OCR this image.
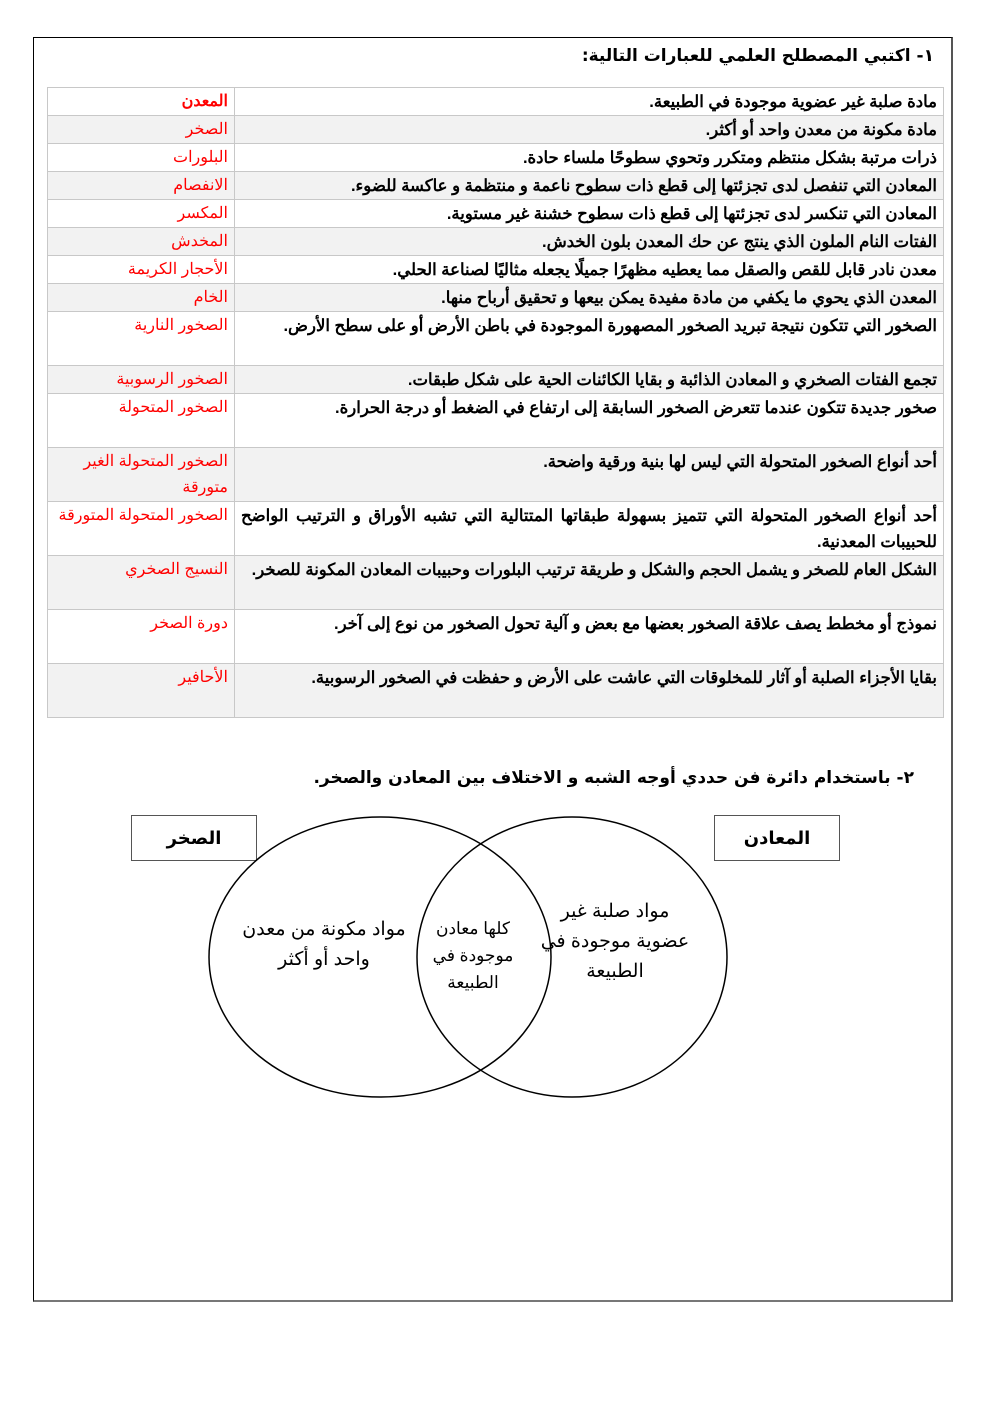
١- اكتبي المصطلح العلمي للعبارات التالية:
مادة صلبة غير عضوية موجودة في الطبيعة.	المعدن
مادة مكونة من معدن واحد أو أكثر.	الصخر
ذرات مرتبة بشكل منتظم ومتكرر وتحوي سطوحًا ملساء حادة.	البلورات
المعادن التي تنفصل لدى تجزئتها إلى قطع ذات سطوح ناعمة و منتظمة و عاكسة للضوء.	الانفصام
المعادن التي تنكسر لدى تجزئتها إلى قطع ذات سطوح خشنة غير مستوية.	المكسر
الفتات النام الملون الذي ينتج عن حك المعدن بلون الخدش.	المخدش
معدن نادر قابل للقص والصقل مما يعطيه مظهرًا جميلًا يجعله مثاليًا لصناعة الحلي.	الأحجار الكريمة
المعدن الذي يحوي ما يكفي من مادة مفيدة يمكن بيعها و تحقيق أرباح منها.	الخام
الصخور التي تتكون نتيجة تبريد الصخور المصهورة الموجودة في باطن الأرض أو على سطح الأرض.	الصخور النارية
تجمع الفتات الصخري و المعادن الذائبة و بقايا الكائنات الحية على شكل طبقات.	الصخور الرسوبية
صخور جديدة تتكون عندما تتعرض الصخور السابقة إلى ارتفاع في الضغط أو درجة الحرارة.	الصخور المتحولة
أحد أنواع الصخور المتحولة التي ليس لها بنية ورقية واضحة.	الصخور المتحولة الغير متورقة
أحد أنواع الصخور المتحولة التي تتميز بسهولة طبقاتها المتتالية التي تشبه الأوراق و الترتيب الواضح للحبيبات المعدنية.	الصخور المتحولة المتورقة
الشكل العام للصخر و يشمل الحجم والشكل و طريقة ترتيب البلورات وحبيبات المعادن المكونة للصخر.	النسيج الصخري
نموذج أو مخطط يصف علاقة الصخور بعضها مع بعض و آلية تحول الصخور من نوع إلى آخر.	دورة الصخر
بقايا الأجزاء الصلبة أو آثار للمخلوقات التي عاشت على الأرض و حفظت في الصخور الرسوبية.	الأحافير
٢- باستخدام دائرة فن حددي أوجه الشبه و الاختلاف بين المعادن والصخر.
الصخر	المعادن
مواد مكونة من معدن واحد أو أكثر
كلها معادن موجودة في الطبيعة
مواد صلبة غير عضوية موجودة في الطبيعة
